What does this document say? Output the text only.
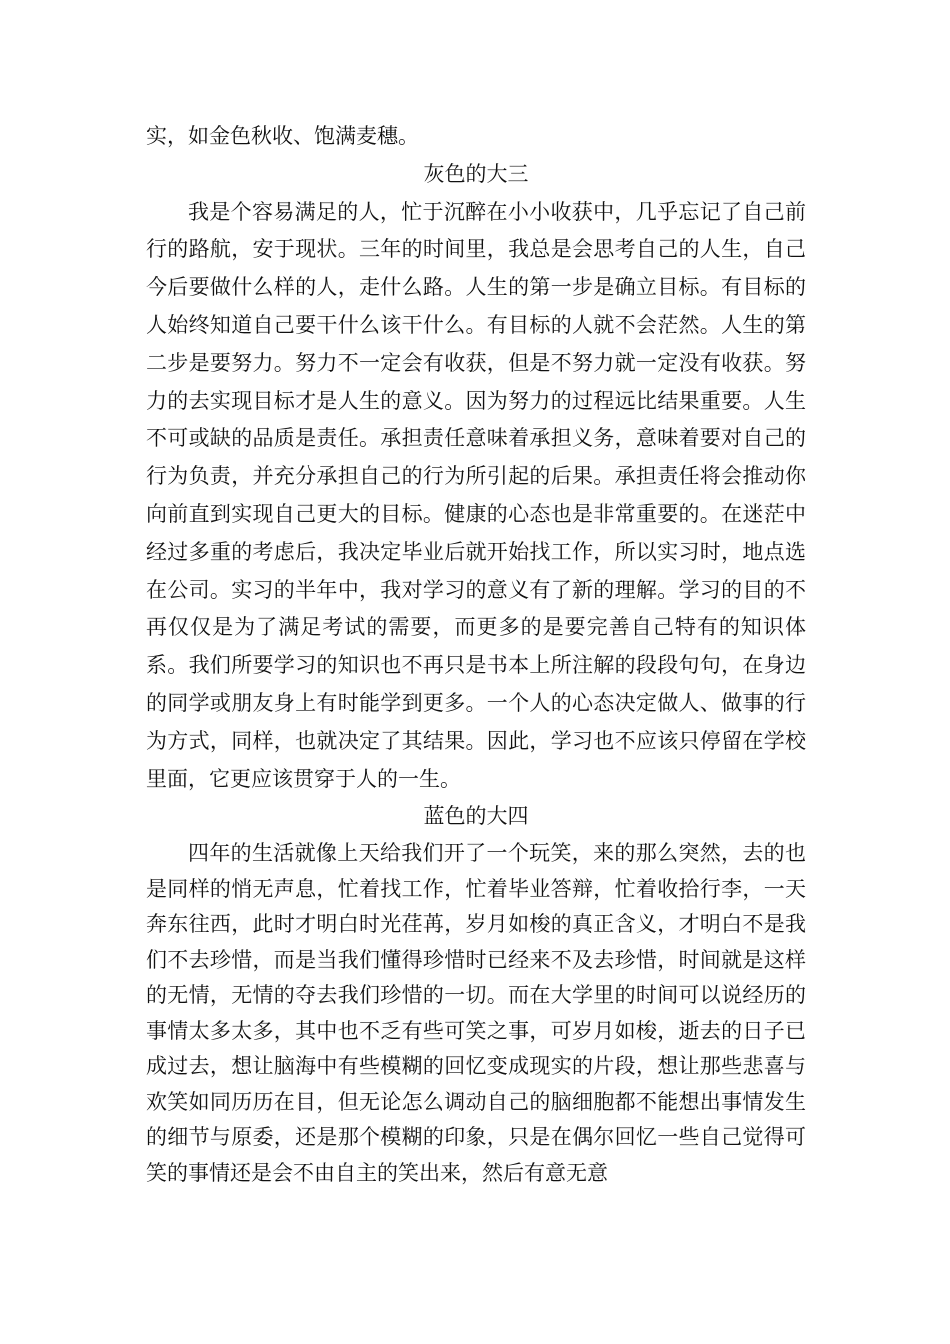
实，如金色秋收、饱满麦穗。

灰色的大三

我是个容易满足的人，忙于沉醉在小小收获中，几乎忘记了自己前行的路航，安于现状。三年的时间里，我总是会思考自己的人生，自己今后要做什么样的人，走什么路。人生的第一步是确立目标。有目标的人始终知道自己要干什么该干什么。有目标的人就不会茫然。人生的第二步是要努力。努力不一定会有收获，但是不努力就一定没有收获。努力的去实现目标才是人生的意义。因为努力的过程远比结果重要。人生不可或缺的品质是责任。承担责任意味着承担义务，意味着要对自己的行为负责，并充分承担自己的行为所引起的后果。承担责任将会推动你向前直到实现自己更大的目标。健康的心态也是非常重要的。在迷茫中经过多重的考虑后，我决定毕业后就开始找工作，所以实习时，地点选在公司。实习的半年中，我对学习的意义有了新的理解。学习的目的不再仅仅是为了满足考试的需要，而更多的是要完善自己特有的知识体系。我们所要学习的知识也不再只是书本上所注解的段段句句，在身边的同学或朋友身上有时能学到更多。一个人的心态决定做人、做事的行为方式，同样，也就决定了其结果。因此，学习也不应该只停留在学校里面，它更应该贯穿于人的一生。

蓝色的大四

四年的生活就像上天给我们开了一个玩笑，来的那么突然，去的也是同样的悄无声息，忙着找工作，忙着毕业答辩，忙着收拾行李，一天奔东往西，此时才明白时光荏苒，岁月如梭的真正含义，才明白不是我们不去珍惜，而是当我们懂得珍惜时已经来不及去珍惜，时间就是这样的无情，无情的夺去我们珍惜的一切。而在大学里的时间可以说经历的事情太多太多，其中也不乏有些可笑之事，可岁月如梭，逝去的日子已成过去，想让脑海中有些模糊的回忆变成现实的片段，想让那些悲喜与欢笑如同历历在目，但无论怎么调动自己的脑细胞都不能想出事情发生的细节与原委，还是那个模糊的印象，只是在偶尔回忆一些自己觉得可笑的事情还是会不由自主的笑出来，然后有意无意
